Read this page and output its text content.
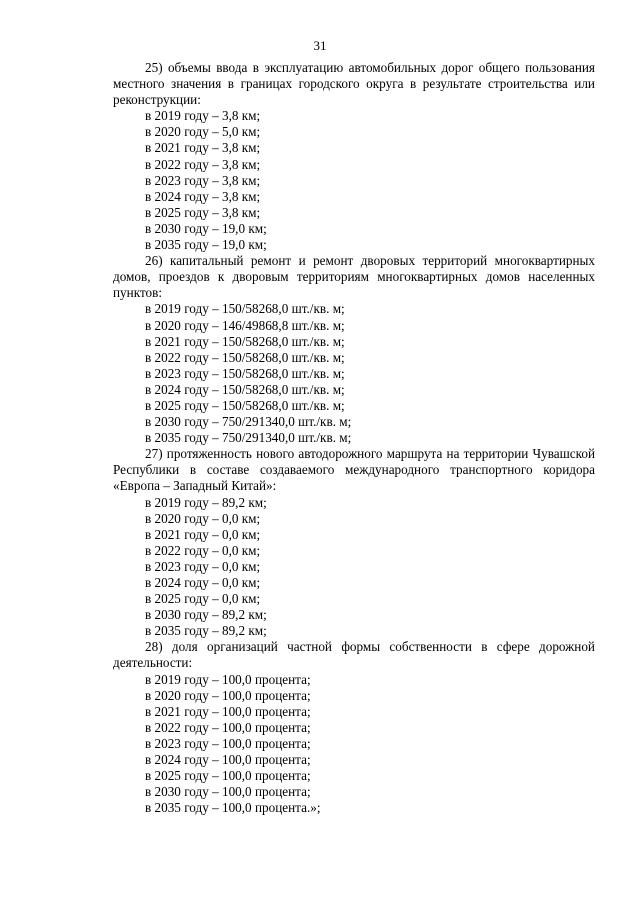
31

25) объемы ввода в эксплуатацию автомобильных дорог общего пользования местного значения в границах городского округа в результате строительства или реконструкции:

в 2019 году – 3,8 км;
в 2020 году – 5,0 км;
в 2021 году – 3,8 км;
в 2022 году – 3,8 км;
в 2023 году – 3,8 км;
в 2024 году – 3,8 км;
в 2025 году – 3,8 км;
в 2030 году – 19,0 км;
в 2035 году – 19,0 км;

26) капитальный ремонт и ремонт дворовых территорий многоквартирных домов, проездов к дворовым территориям многоквартирных домов населенных пунктов:

в 2019 году – 150/58268,0 шт./кв. м;
в 2020 году – 146/49868,8 шт./кв. м;
в 2021 году – 150/58268,0 шт./кв. м;
в 2022 году – 150/58268,0 шт./кв. м;
в 2023 году – 150/58268,0 шт./кв. м;
в 2024 году – 150/58268,0 шт./кв. м;
в 2025 году – 150/58268,0 шт./кв. м;
в 2030 году – 750/291340,0 шт./кв. м;
в 2035 году – 750/291340,0 шт./кв. м;

27) протяженность нового автодорожного маршрута на территории Чувашской Республики в составе создаваемого международного транспортного коридора «Европа – Западный Китай»:

в 2019 году – 89,2 км;
в 2020 году – 0,0 км;
в 2021 году – 0,0 км;
в 2022 году – 0,0 км;
в 2023 году – 0,0 км;
в 2024 году – 0,0 км;
в 2025 году – 0,0 км;
в 2030 году – 89,2 км;
в 2035 году – 89,2 км;

28) доля организаций частной формы собственности в сфере дорожной деятельности:

в 2019 году – 100,0 процента;
в 2020 году – 100,0 процента;
в 2021 году – 100,0 процента;
в 2022 году – 100,0 процента;
в 2023 году – 100,0 процента;
в 2024 году – 100,0 процента;
в 2025 году – 100,0 процента;
в 2030 году – 100,0 процента;
в 2035 году – 100,0 процента.»;
